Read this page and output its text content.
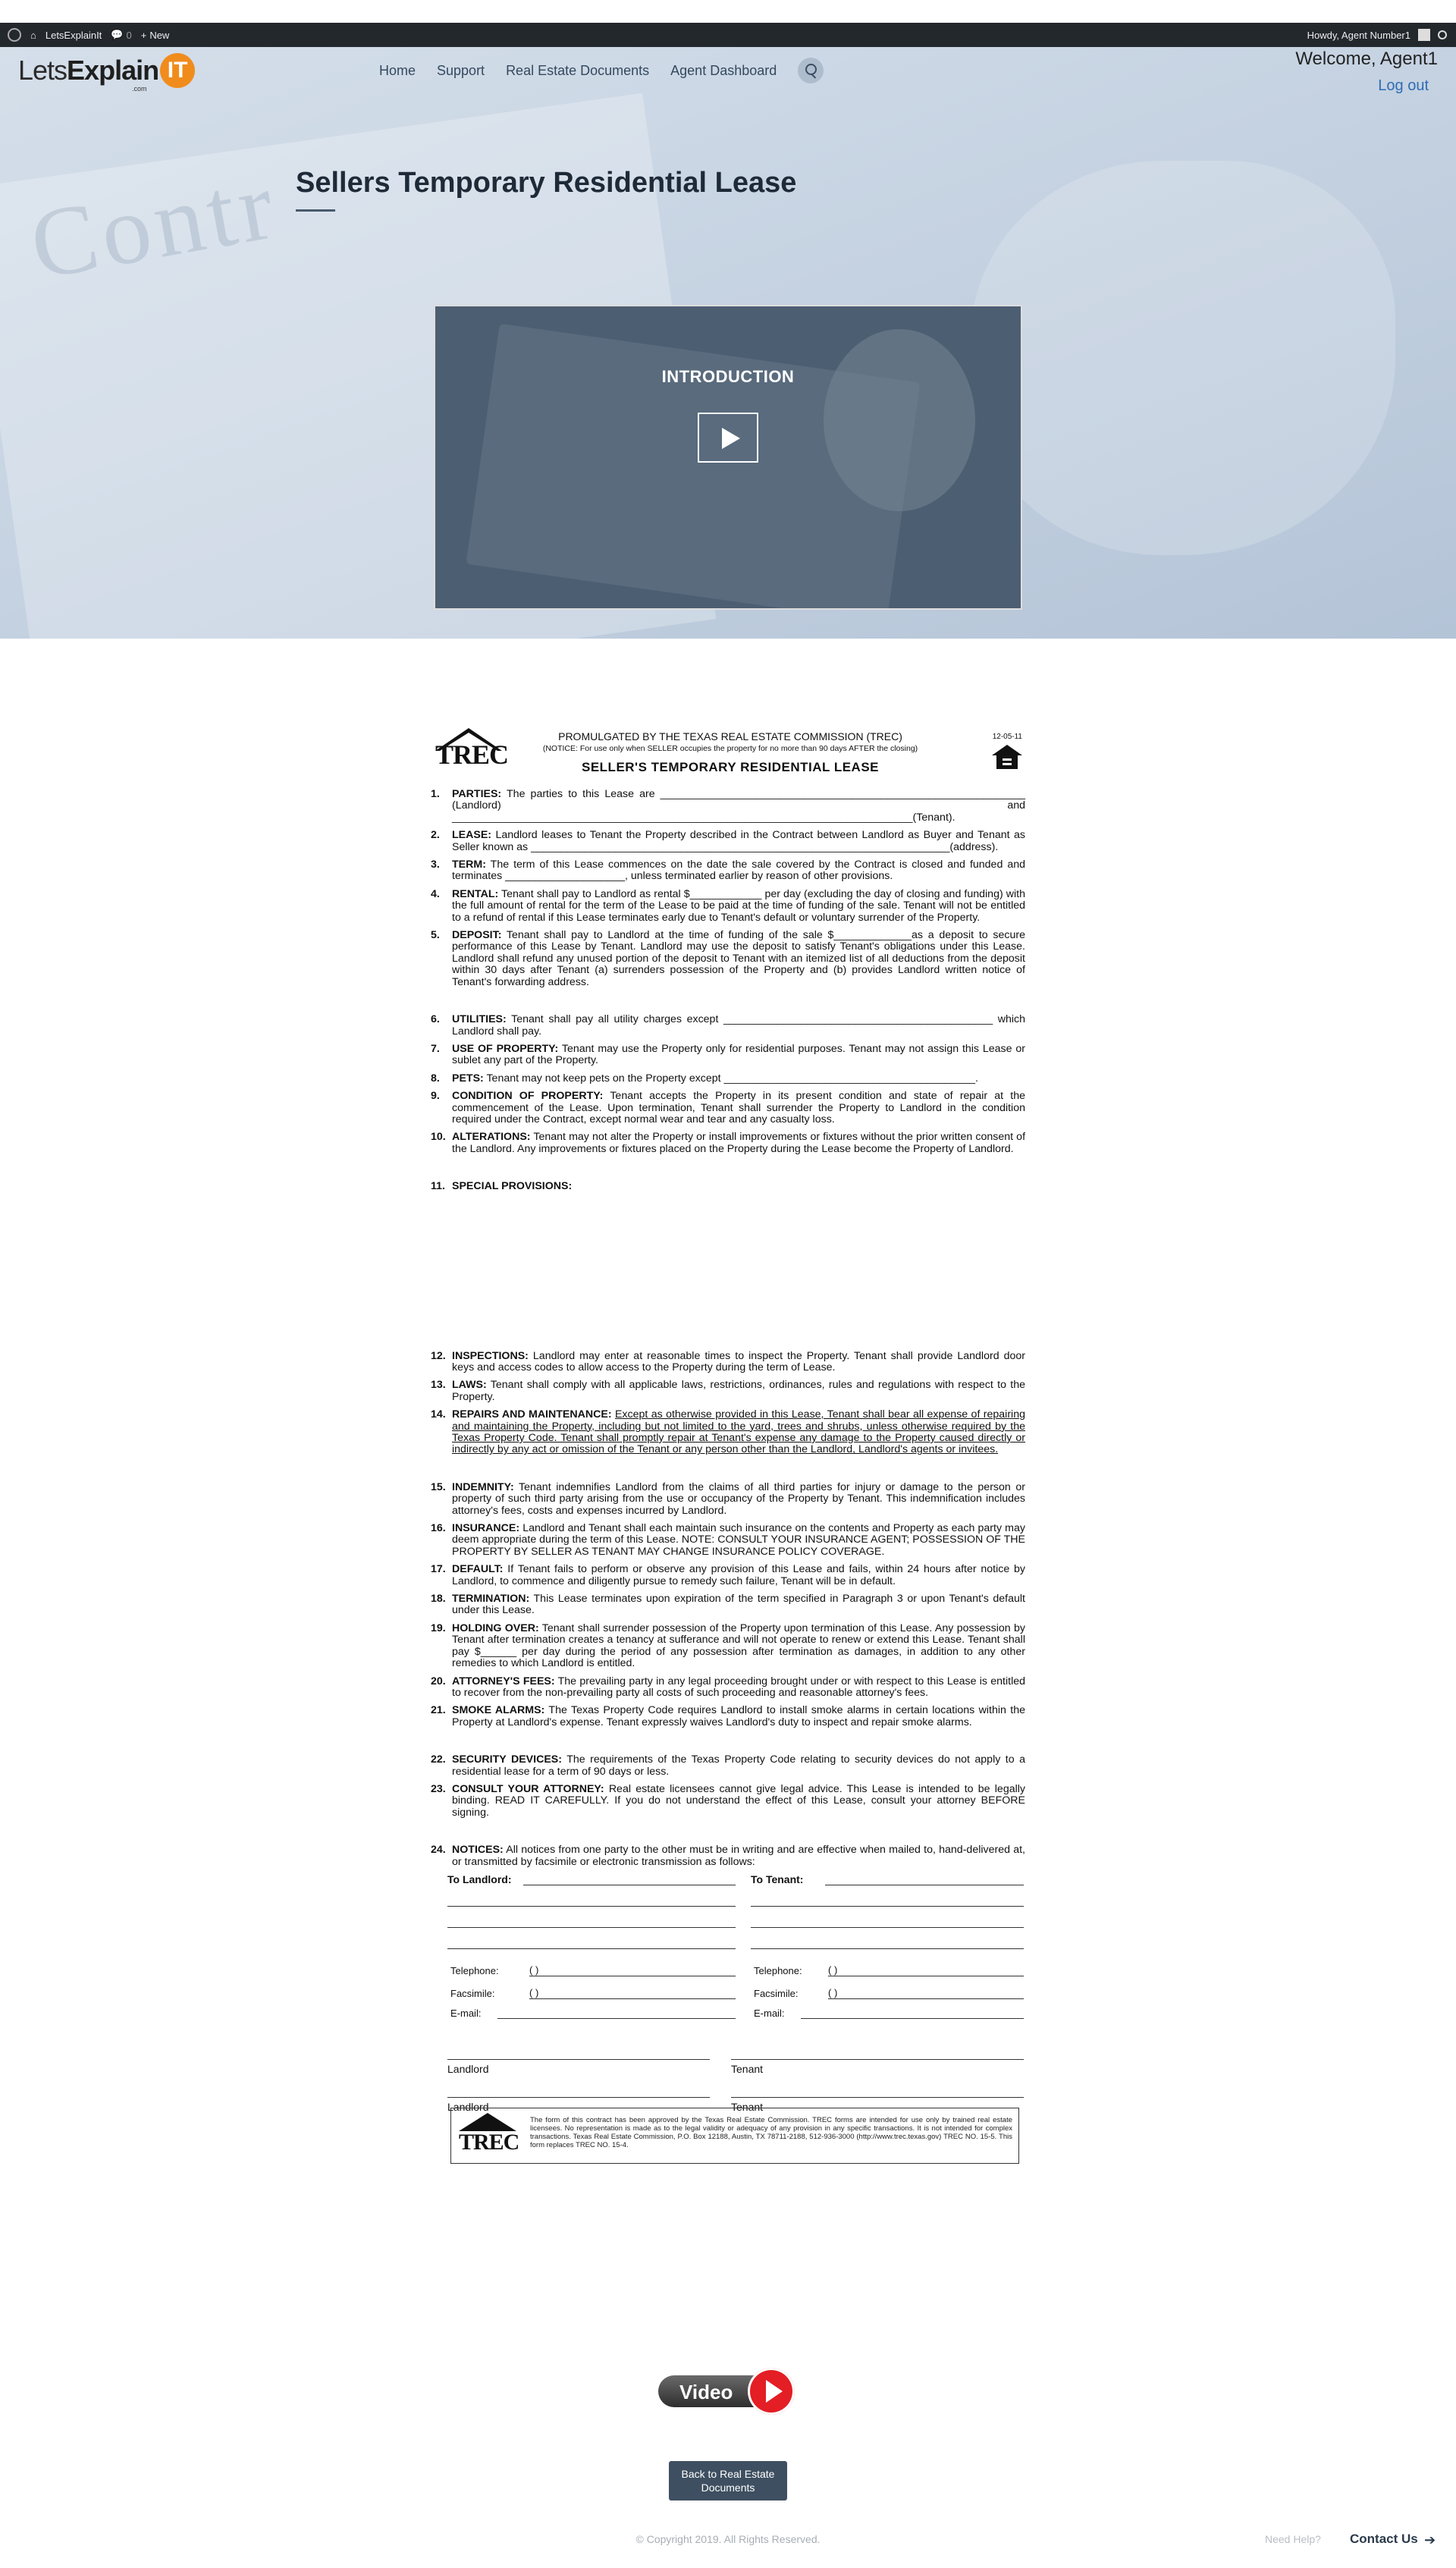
⌂ LetsExplainIt 💬 0 + New	Howdy, Agent Number1
Contr
Lets Explain IT
.com
Home Support Real Estate Documents Agent Dashboard
Welcome, Agent1
Log out
Sellers Temporary Residential Lease
INTRODUCTION
TREC
PROMULGATED BY THE TEXAS REAL ESTATE COMMISSION (TREC)
(NOTICE: For use only when SELLER occupies the property for no more than 90 days AFTER the closing)
SELLER'S TEMPORARY RESIDENTIAL LEASE
12-05-11
1. PARTIES: The parties to this Lease are _____________________________________________________________ (Landlord) and _____________________________________________________________________________(Tenant).
2. LEASE: Landlord leases to Tenant the Property described in the Contract between Landlord as Buyer and Tenant as Seller known as ______________________________________________________________________(address).
3. TERM: The term of this Lease commences on the date the sale covered by the Contract is closed and funded and terminates ____________________, unless terminated earlier by reason of other provisions.
4. RENTAL: Tenant shall pay to Landlord as rental $____________ per day (excluding the day of closing and funding) with the full amount of rental for the term of the Lease to be paid at the time of funding of the sale. Tenant will not be entitled to a refund of rental if this Lease terminates early due to Tenant's default or voluntary surrender of the Property.
5. DEPOSIT: Tenant shall pay to Landlord at the time of funding of the sale $_____________as a deposit to secure performance of this Lease by Tenant. Landlord may use the deposit to satisfy Tenant's obligations under this Lease. Landlord shall refund any unused portion of the deposit to Tenant with an itemized list of all deductions from the deposit within 30 days after Tenant (a) surrenders possession of the Property and (b) provides Landlord written notice of Tenant's forwarding address.
6. UTILITIES: Tenant shall pay all utility charges except _____________________________________________ which Landlord shall pay.
7. USE OF PROPERTY: Tenant may use the Property only for residential purposes. Tenant may not assign this Lease or sublet any part of the Property.
8. PETS: Tenant may not keep pets on the Property except __________________________________________.
9. CONDITION OF PROPERTY: Tenant accepts the Property in its present condition and state of repair at the commencement of the Lease. Upon termination, Tenant shall surrender the Property to Landlord in the condition required under the Contract, except normal wear and tear and any casualty loss.
10. ALTERATIONS: Tenant may not alter the Property or install improvements or fixtures without the prior written consent of the Landlord. Any improvements or fixtures placed on the Property during the Lease become the Property of Landlord.
11. SPECIAL PROVISIONS:
12. INSPECTIONS: Landlord may enter at reasonable times to inspect the Property. Tenant shall provide Landlord door keys and access codes to allow access to the Property during the term of Lease.
13. LAWS: Tenant shall comply with all applicable laws, restrictions, ordinances, rules and regulations with respect to the Property.
14. REPAIRS AND MAINTENANCE: Except as otherwise provided in this Lease, Tenant shall bear all expense of repairing and maintaining the Property, including but not limited to the yard, trees and shrubs, unless otherwise required by the Texas Property Code. Tenant shall promptly repair at Tenant's expense any damage to the Property caused directly or indirectly by any act or omission of the Tenant or any person other than the Landlord, Landlord's agents or invitees.
15. INDEMNITY: Tenant indemnifies Landlord from the claims of all third parties for injury or damage to the person or property of such third party arising from the use or occupancy of the Property by Tenant. This indemnification includes attorney's fees, costs and expenses incurred by Landlord.
16. INSURANCE: Landlord and Tenant shall each maintain such insurance on the contents and Property as each party may deem appropriate during the term of this Lease. NOTE: CONSULT YOUR INSURANCE AGENT; POSSESSION OF THE PROPERTY BY SELLER AS TENANT MAY CHANGE INSURANCE POLICY COVERAGE.
17. DEFAULT: If Tenant fails to perform or observe any provision of this Lease and fails, within 24 hours after notice by Landlord, to commence and diligently pursue to remedy such failure, Tenant will be in default.
18. TERMINATION: This Lease terminates upon expiration of the term specified in Paragraph 3 or upon Tenant's default under this Lease.
19. HOLDING OVER: Tenant shall surrender possession of the Property upon termination of this Lease. Any possession by Tenant after termination creates a tenancy at sufferance and will not operate to renew or extend this Lease. Tenant shall pay $______ per day during the period of any possession after termination as damages, in addition to any other remedies to which Landlord is entitled.
20. ATTORNEY'S FEES: The prevailing party in any legal proceeding brought under or with respect to this Lease is entitled to recover from the non-prevailing party all costs of such proceeding and reasonable attorney's fees.
21. SMOKE ALARMS: The Texas Property Code requires Landlord to install smoke alarms in certain locations within the Property at Landlord's expense. Tenant expressly waives Landlord's duty to inspect and repair smoke alarms.
22. SECURITY DEVICES: The requirements of the Texas Property Code relating to security devices do not apply to a residential lease for a term of 90 days or less.
23. CONSULT YOUR ATTORNEY: Real estate licensees cannot give legal advice. This Lease is intended to be legally binding. READ IT CAREFULLY. If you do not understand the effect of this Lease, consult your attorney BEFORE signing.
24. NOTICES: All notices from one party to the other must be in writing and are effective when mailed to, hand-delivered at, or transmitted by facsimile or electronic transmission as follows:
To Landlord:
Telephone:	( )
Facsimile:	( )
E-mail:
To Tenant:
Telephone:	( )
Facsimile:	( )
E-mail:
Landlord	Tenant
Landlord	Tenant
TREC
The form of this contract has been approved by the Texas Real Estate Commission. TREC forms are intended for use only by trained real estate licensees. No representation is made as to the legal validity or adequacy of any provision in any specific transactions. It is not intended for complex transactions. Texas Real Estate Commission, P.O. Box 12188, Austin, TX 78711-2188, 512-936-3000 (http://www.trec.texas.gov) TREC NO. 15-5. This form replaces TREC NO. 15-4.
Video
Back to Real Estate
Documents
© Copyright 2019. All Rights Reserved.	Need Help? Contact Us ➔
